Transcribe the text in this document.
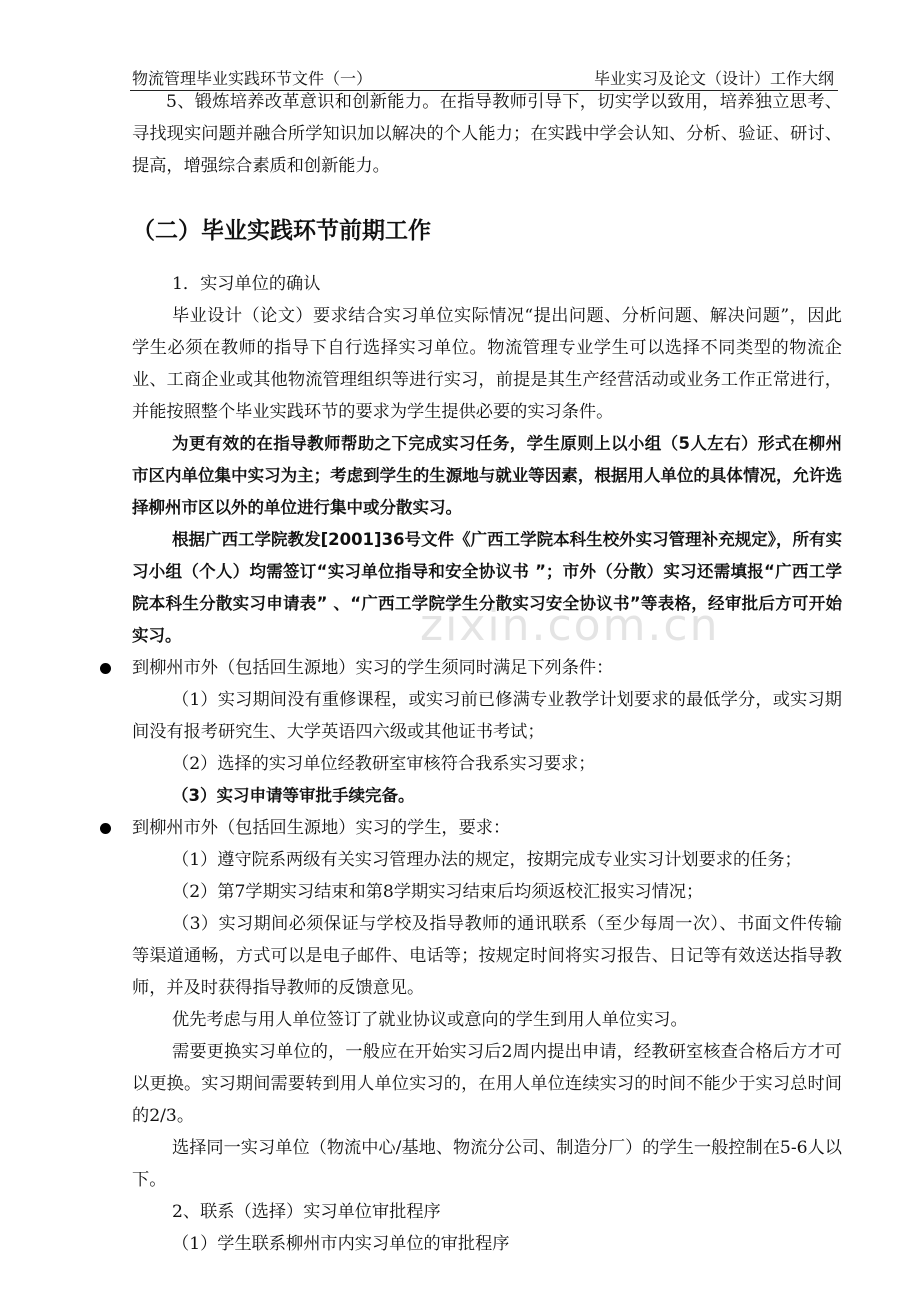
物流管理毕业实践环节文件（一）	毕业实习及论文（设计）工作大纲
zixin.com.cn

5、锻炼培养改革意识和创新能力。在指导教师引导下，切实学以致用，培养独立思考、寻找现实问题并融合所学知识加以解决的个人能力；在实践中学会认知、分析、验证、研讨、提高，增强综合素质和创新能力。

（二）毕业实践环节前期工作

1．实习单位的确认

毕业设计（论文）要求结合实习单位实际情况“提出问题、分析问题、解决问题”，因此学生必须在教师的指导下自行选择实习单位。物流管理专业学生可以选择不同类型的物流企业、工商企业或其他物流管理组织等进行实习，前提是其生产经营活动或业务工作正常进行，并能按照整个毕业实践环节的要求为学生提供必要的实习条件。

为更有效的在指导教师帮助之下完成实习任务，学生原则上以小组（5人左右）形式在柳州市区内单位集中实习为主；考虑到学生的生源地与就业等因素，根据用人单位的具体情况，允许选择柳州市区以外的单位进行集中或分散实习。

根据广西工学院教发[2001]36号文件《广西工学院本科生校外实习管理补充规定》，所有实习小组（个人）均需签订“实习单位指导和安全协议书 ”；市外（分散）实习还需填报“广西工学院本科生分散实习申请表” 、“广西工学院学生分散实习安全协议书”等表格，经审批后方可开始实习。

到柳州市外（包括回生源地）实习的学生须同时满足下列条件：

（1）实习期间没有重修课程，或实习前已修满专业教学计划要求的最低学分，或实习期间没有报考研究生、大学英语四六级或其他证书考试；

（2）选择的实习单位经教研室审核符合我系实习要求；

（3）实习申请等审批手续完备。

到柳州市外（包括回生源地）实习的学生，要求：

（1）遵守院系两级有关实习管理办法的规定，按期完成专业实习计划要求的任务；

（2）第7学期实习结束和第8学期实习结束后均须返校汇报实习情况；

（3）实习期间必须保证与学校及指导教师的通讯联系（至少每周一次）、书面文件传输等渠道通畅，方式可以是电子邮件、电话等；按规定时间将实习报告、日记等有效送达指导教师，并及时获得指导教师的反馈意见。

优先考虑与用人单位签订了就业协议或意向的学生到用人单位实习。

需要更换实习单位的，一般应在开始实习后2周内提出申请，经教研室核查合格后方才可以更换。实习期间需要转到用人单位实习的，在用人单位连续实习的时间不能少于实习总时间的2/3。

选择同一实习单位（物流中心/基地、物流分公司、制造分厂）的学生一般控制在5-6人以下。

2、联系（选择）实习单位审批程序

（1）学生联系柳州市内实习单位的审批程序
